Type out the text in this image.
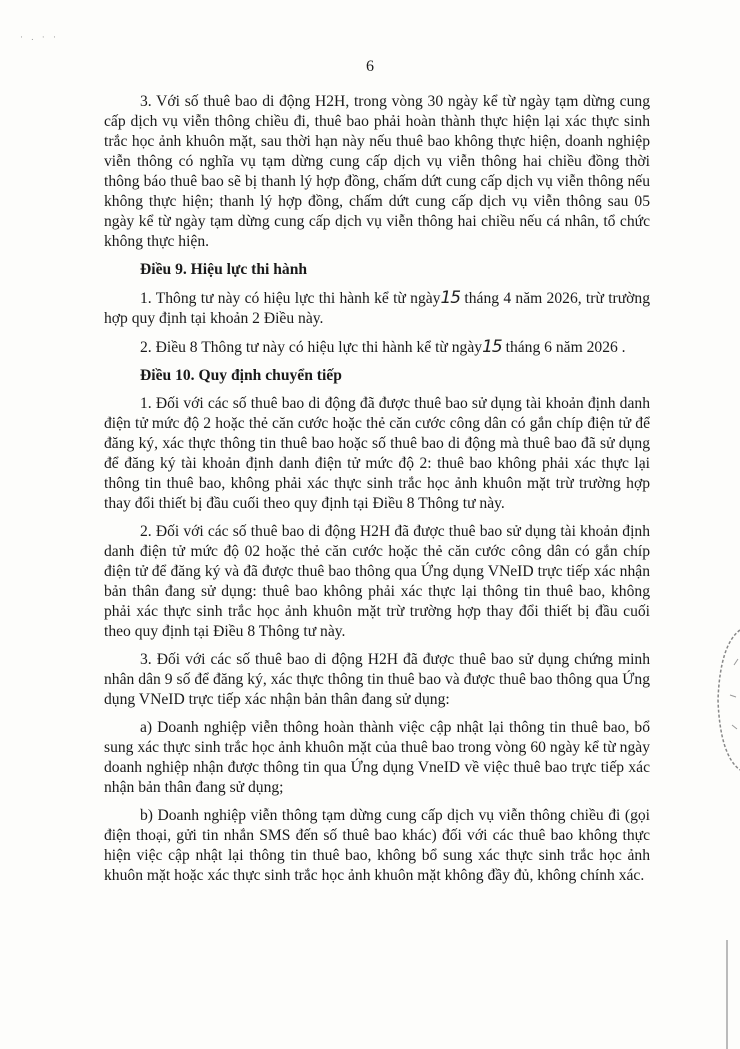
· . · ·
6

3. Với số thuê bao di động H2H, trong vòng 30 ngày kể từ ngày tạm dừng cung cấp dịch vụ viễn thông chiều đi, thuê bao phải hoàn thành thực hiện lại xác thực sinh trắc học ảnh khuôn mặt, sau thời hạn này nếu thuê bao không thực hiện, doanh nghiệp viễn thông có nghĩa vụ tạm dừng cung cấp dịch vụ viễn thông hai chiều đồng thời thông báo thuê bao sẽ bị thanh lý hợp đồng, chấm dứt cung cấp dịch vụ viễn thông nếu không thực hiện; thanh lý hợp đồng, chấm dứt cung cấp dịch vụ viễn thông sau 05 ngày kể từ ngày tạm dừng cung cấp dịch vụ viễn thông hai chiều nếu cá nhân, tổ chức không thực hiện.

Điều 9. Hiệu lực thi hành

1. Thông tư này có hiệu lực thi hành kể từ ngày15 tháng 4 năm 2026, trừ trường hợp quy định tại khoản 2 Điều này.

2. Điều 8 Thông tư này có hiệu lực thi hành kể từ ngày15 tháng 6 năm 2026 .

Điều 10. Quy định chuyển tiếp

1. Đối với các số thuê bao di động đã được thuê bao sử dụng tài khoản định danh điện tử mức độ 2 hoặc thẻ căn cước hoặc thẻ căn cước công dân có gắn chíp điện tử để đăng ký, xác thực thông tin thuê bao hoặc số thuê bao di động mà thuê bao đã sử dụng để đăng ký tài khoản định danh điện tử mức độ 2: thuê bao không phải xác thực lại thông tin thuê bao, không phải xác thực sinh trắc học ảnh khuôn mặt trừ trường hợp thay đổi thiết bị đầu cuối theo quy định tại Điều 8 Thông tư này.

2. Đối với các số thuê bao di động H2H đã được thuê bao sử dụng tài khoản định danh điện tử mức độ 02 hoặc thẻ căn cước hoặc thẻ căn cước công dân có gắn chíp điện tử để đăng ký và đã được thuê bao thông qua Ứng dụng VNeID trực tiếp xác nhận bản thân đang sử dụng: thuê bao không phải xác thực lại thông tin thuê bao, không phải xác thực sinh trắc học ảnh khuôn mặt trừ trường hợp thay đổi thiết bị đầu cuối theo quy định tại Điều 8 Thông tư này.

3. Đối với các số thuê bao di động H2H đã được thuê bao sử dụng chứng minh nhân dân 9 số để đăng ký, xác thực thông tin thuê bao và được thuê bao thông qua Ứng dụng VNeID trực tiếp xác nhận bản thân đang sử dụng:

a) Doanh nghiệp viễn thông hoàn thành việc cập nhật lại thông tin thuê bao, bổ sung xác thực sinh trắc học ảnh khuôn mặt của thuê bao trong vòng 60 ngày kể từ ngày doanh nghiệp nhận được thông tin qua Ứng dụng VneID về việc thuê bao trực tiếp xác nhận bản thân đang sử dụng;

b) Doanh nghiệp viễn thông tạm dừng cung cấp dịch vụ viễn thông chiều đi (gọi điện thoại, gửi tin nhắn SMS đến số thuê bao khác) đối với các thuê bao không thực hiện việc cập nhật lại thông tin thuê bao, không bổ sung xác thực sinh trắc học ảnh khuôn mặt hoặc xác thực sinh trắc học ảnh khuôn mặt không đầy đủ, không chính xác.
